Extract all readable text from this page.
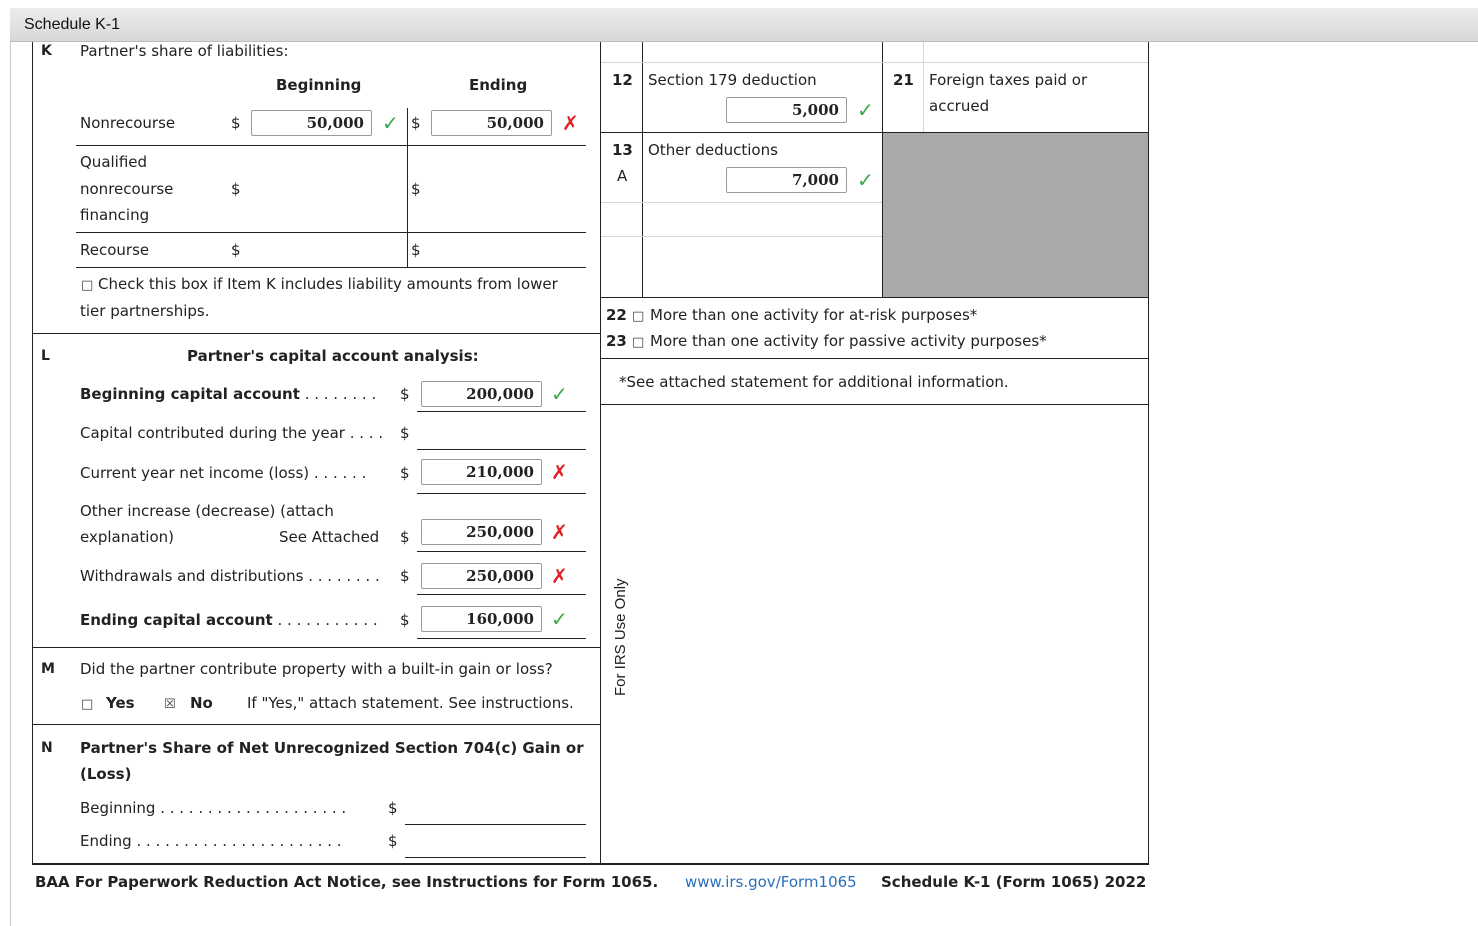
Schedule K-1
K Partner's share of liabilities:
Beginning	Ending
Nonrecourse	$	50,000 ✓ $	50,000 ✗
Qualified
nonrecourse
financing
$	$
Recourse	$	$
□ Check this box if Item K includes liability amounts from lower
tier partnerships.
L	Partner's capital account analysis:
Beginning capital account . . . . . . . . $	200,000 ✓
Capital contributed during the year . . . . $
Current year net income (loss) . . . . . . $	210,000 ✗
Other increase (decrease) (attach
explanation)	See Attached $	250,000 ✗
Withdrawals and distributions . . . . . . . . $	250,000 ✗
Ending capital account . . . . . . . . . . . $	160,000 ✓
M Did the partner contribute property with a built-in gain or loss?
□ Yes ☒ No If "Yes," attach statement. See instructions.
N Partner's Share of Net Unrecognized Section 704(c) Gain or
(Loss)
Beginning . . . . . . . . . . . . . . . . . . . .	$
Ending . . . . . . . . . . . . . . . . . . . . . .	$
12 Section 179 deduction
5,000 ✓
21 Foreign taxes paid or
accrued
13
A
Other deductions
7,000 ✓
22 □ More than one activity for at-risk purposes*
23 □ More than one activity for passive activity purposes*
*See attached statement for additional information.
For IRS Use Only
BAA For Paperwork Reduction Act Notice, see Instructions for Form 1065. www.irs.gov/Form1065 Schedule K-1 (Form 1065) 2022
